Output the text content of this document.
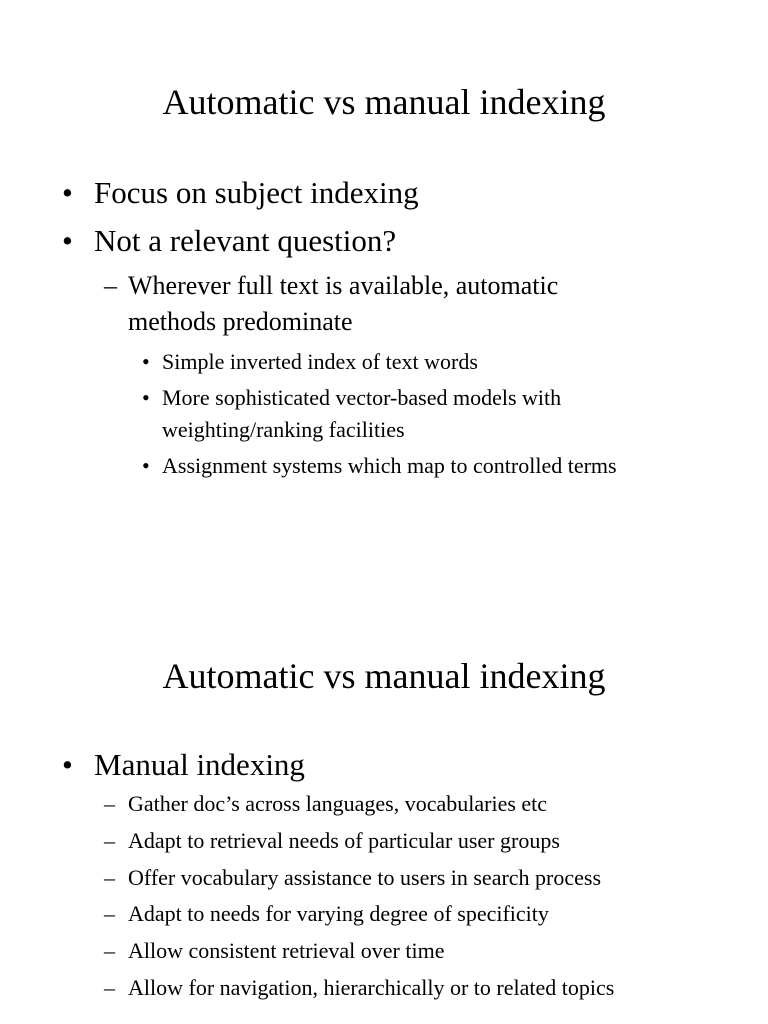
Automatic vs manual indexing
• Focus on subject indexing
• Not a relevant question?
– Wherever full text is available, automatic
methods predominate
• Simple inverted index of text words
• More sophisticated vector-based models with
weighting/ranking facilities
• Assignment systems which map to controlled terms
Automatic vs manual indexing
• Manual indexing
– Gather doc’s across languages, vocabularies etc
– Adapt to retrieval needs of particular user groups
– Offer vocabulary assistance to users in search process
– Adapt to needs for varying degree of specificity
– Allow consistent retrieval over time
– Allow for navigation, hierarchically or to related topics
